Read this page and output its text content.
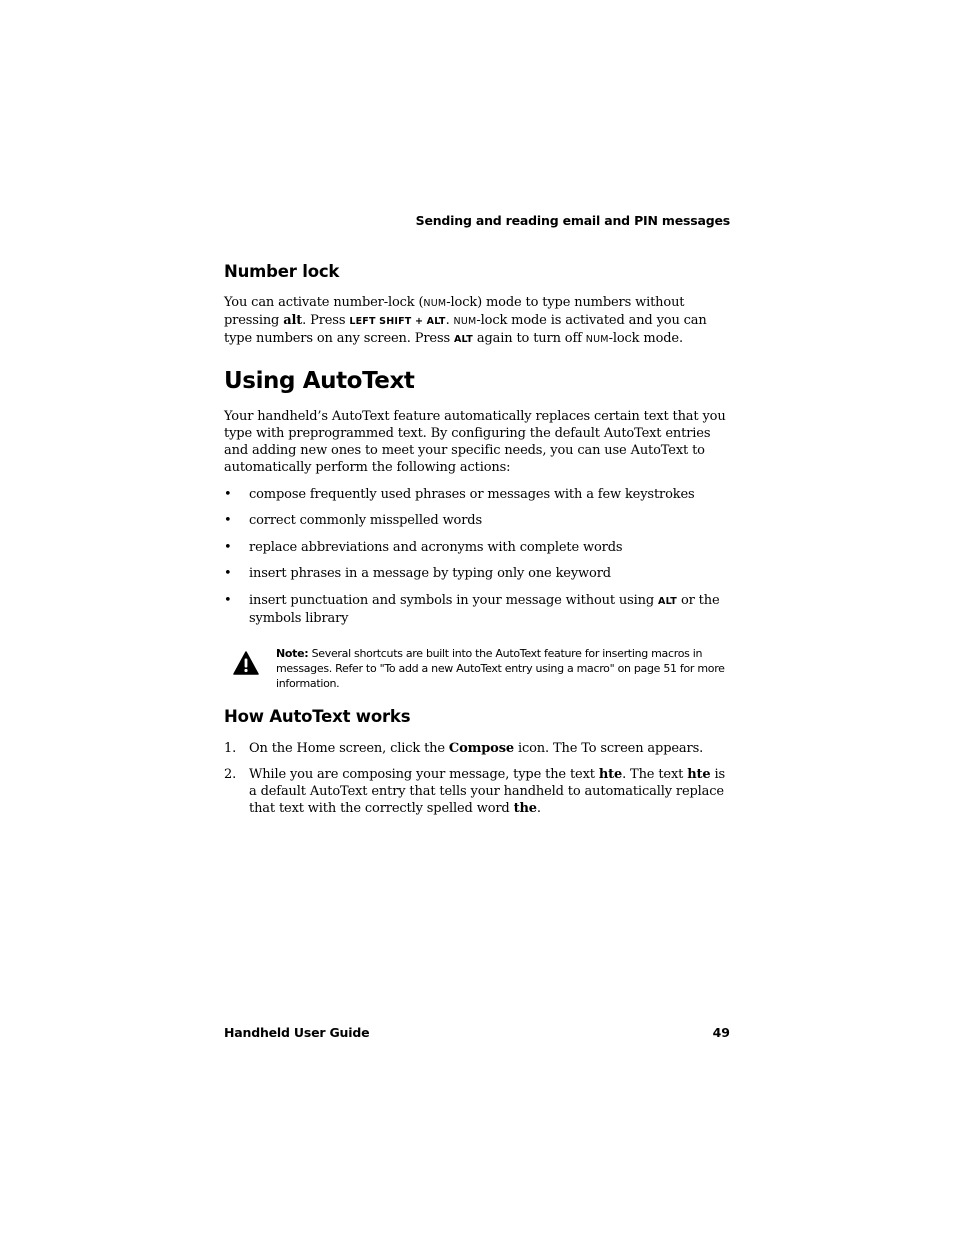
Sending and reading email and PIN messages
Number lock

You can activate number-lock (NUM-lock) mode to type numbers without pressing alt. Press LEFT SHIFT + ALT. NUM-lock mode is activated and you can type numbers on any screen. Press ALT again to turn off NUM-lock mode.

Using AutoText

Your handheld’s AutoText feature automatically replaces certain text that you type with preprogrammed text. By configuring the default AutoText entries and adding new ones to meet your specific needs, you can use AutoText to automatically perform the following actions:

• compose frequently used phrases or messages with a few keystrokes
• correct commonly misspelled words
• replace abbreviations and acronyms with complete words
• insert phrases in a message by typing only one keyword
• insert punctuation and symbols in your message without using ALT or the symbols library
Note: Several shortcuts are built into the AutoText feature for inserting macros in messages. Refer to "To add a new AutoText entry using a macro" on page 51 for more information.
How AutoText works
1. On the Home screen, click the Compose icon. The To screen appears.
2. While you are composing your message, type the text hte. The text hte is a default AutoText entry that tells your handheld to automatically replace that text with the correctly spelled word the.
Handheld User Guide	49
